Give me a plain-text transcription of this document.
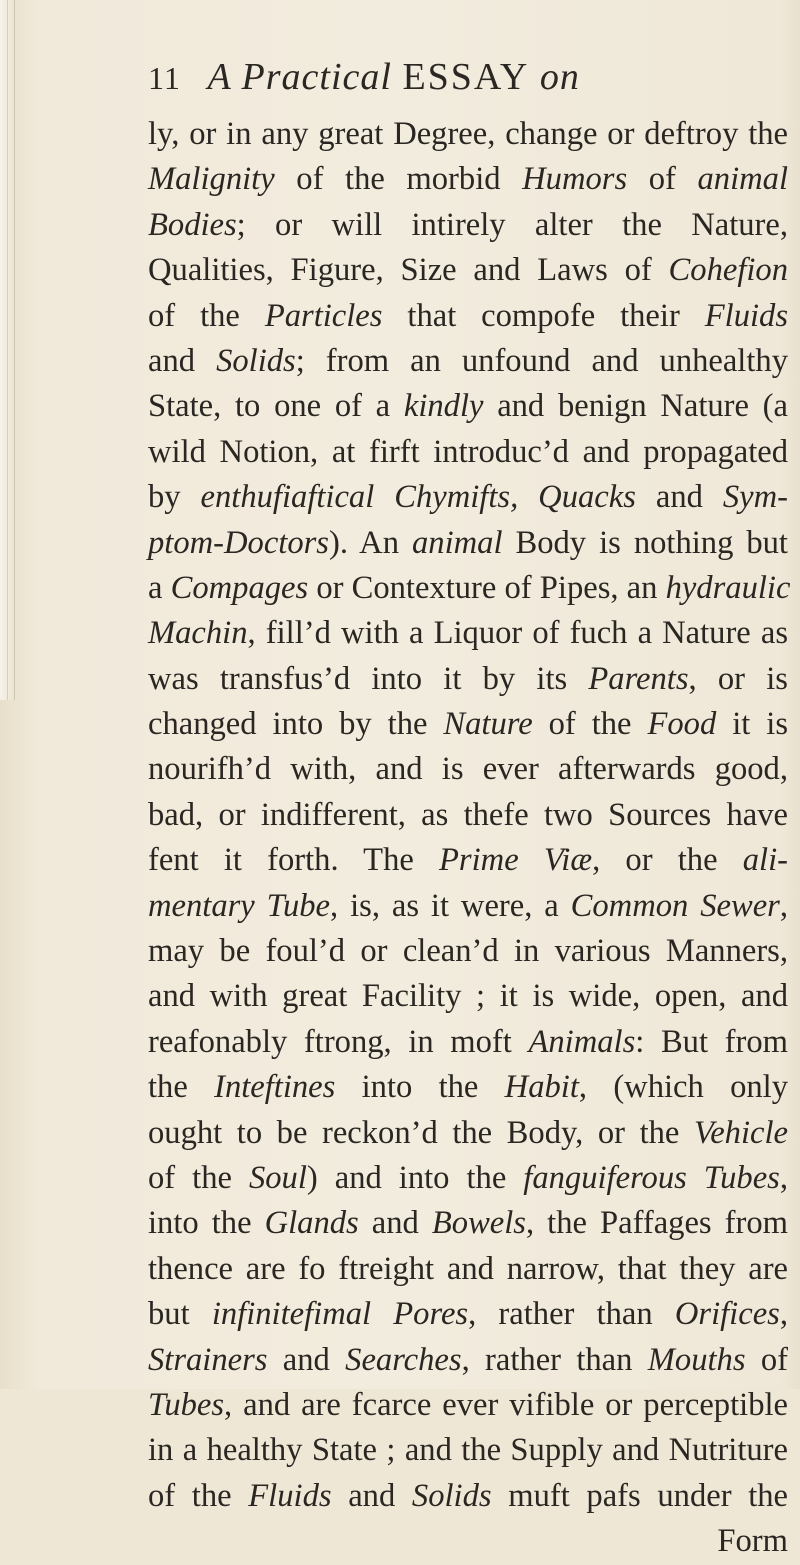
11 A Practical ESSAY on
ly, or in any great Degree, change or deftroy the
Malignity of the morbid Humors of animal
Bodies; or will intirely alter the Nature,
Qualities, Figure, Size and Laws of Cohefion
of the Particles that compofe their Fluids
and Solids; from an unfound and unhealthy
State, to one of a kindly and benign Nature (a
wild Notion, at firft introduc’d and propagated
by enthufiaftical Chymifts, Quacks and Sym-
ptom-Doctors). An animal Body is nothing but
a Compages or Contexture of Pipes, an hydraulic
Machin, fill’d with a Liquor of fuch a Nature as
was transfus’d into it by its Parents, or is
changed into by the Nature of the Food it is
nourifh’d with, and is ever afterwards good,
bad, or indifferent, as thefe two Sources have
fent it forth. The Prime Viæ, or the ali-
mentary Tube, is, as it were, a Common Sewer,
may be foul’d or clean’d in various Manners,
and with great Facility ; it is wide, open, and
reafonably ftrong, in moft Animals: But from
the Inteftines into the Habit, (which only
ought to be reckon’d the Body, or the Vehicle
of the Soul) and into the fanguiferous Tubes,
into the Glands and Bowels, the Paffages from
thence are fo ftreight and narrow, that they are
but infinitefimal Pores, rather than Orifices,
Strainers and Searches, rather than Mouths of
Tubes, and are fcarce ever vifible or perceptible
in a healthy State ; and the Supply and Nutriture
of the Fluids and Solids muft pafs under the
Form
